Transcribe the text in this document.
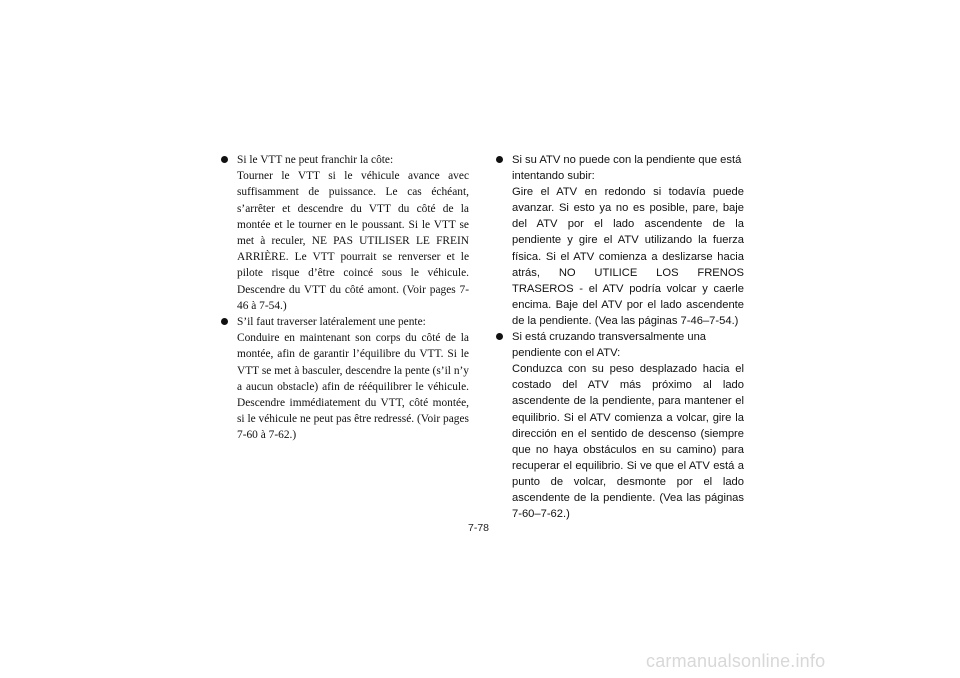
Si le VTT ne peut franchir la côte:
Tourner le VTT si le véhicule avance avec suffisamment de puissance. Le cas échéant, s’arrêter et descendre du VTT du côté de la montée et le tourner en le poussant. Si le VTT se met à reculer, NE PAS UTILISER LE FREIN ARRIÈRE. Le VTT pourrait se renverser et le pilote risque d’être coincé sous le véhicule. Descendre du VTT du côté amont. (Voir pages 7-46 à 7-54.)
S’il faut traverser latéralement une pente:
Conduire en maintenant son corps du côté de la montée, afin de garantir l’équilibre du VTT. Si le VTT se met à basculer, descendre la pente (s’il n’y a aucun obstacle) afin de rééquilibrer le véhicule. Descendre immédiatement du VTT, côté montée, si le véhicule ne peut pas être redressé. (Voir pages 7-60 à 7-62.)
Si su ATV no puede con la pendiente que está intentando subir:
Gire el ATV en redondo si todavía puede avanzar. Si esto ya no es posible, pare, baje del ATV por el lado ascendente de la pendiente y gire el ATV utilizando la fuerza física. Si el ATV comienza a deslizarse hacia atrás, NO UTILICE LOS FRENOS TRASEROS - el ATV podría volcar y caerle encima. Baje del ATV por el lado ascendente de la pendiente. (Vea las páginas 7-46–7-54.)
Si está cruzando transversalmente una pendiente con el ATV:
Conduzca con su peso desplazado hacia el costado del ATV más próximo al lado ascendente de la pendiente, para mantener el equilibrio. Si el ATV comienza a volcar, gire la dirección en el sentido de descenso (siempre que no haya obstáculos en su camino) para recuperar el equilibrio. Si ve que el ATV está a punto de volcar, desmonte por el lado ascendente de la pendiente. (Vea las páginas 7-60–7-62.)
7-78
carmanualsonline.info
